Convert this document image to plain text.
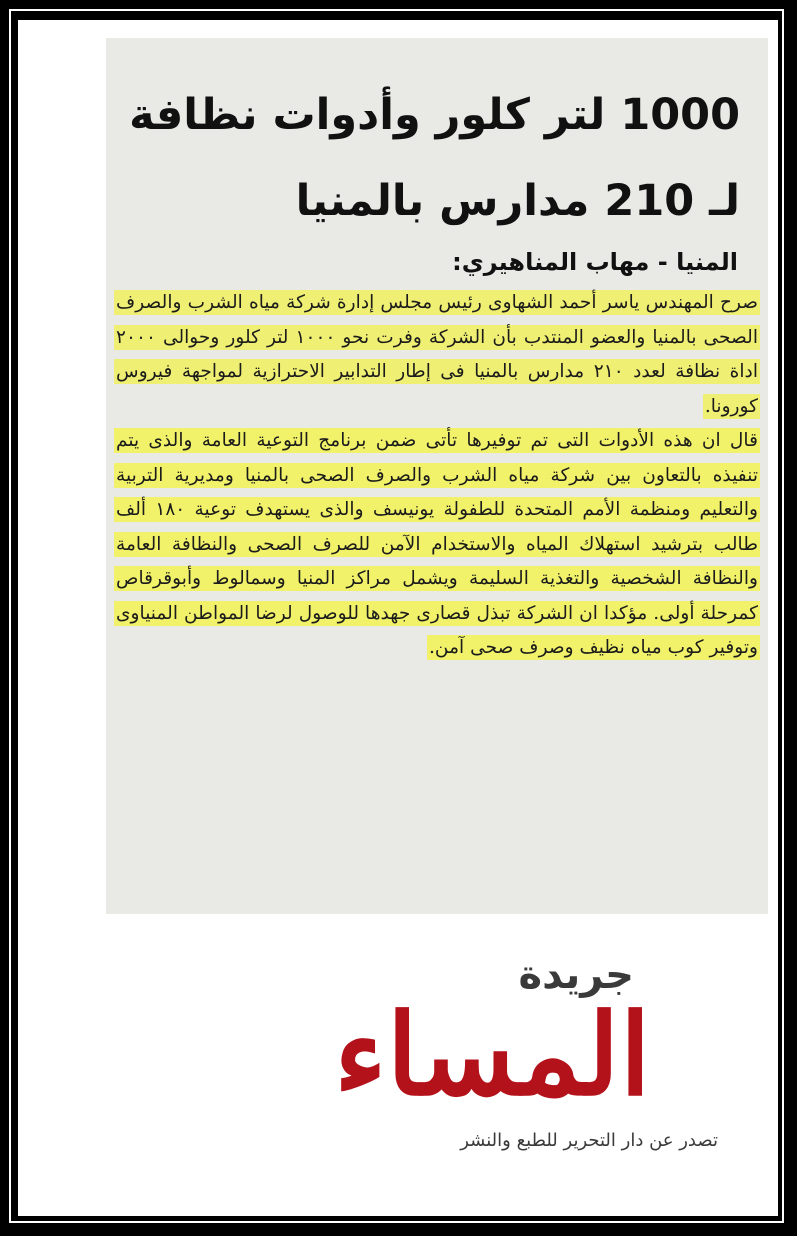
1000 لتر كلور وأدوات نظافة
لـ 210 مدارس بالمنيا
المنيا - مهاب المناهيري:

صرح المهندس ياسر أحمد الشهاوى رئيس مجلس إدارة شركة مياه الشرب والصرف الصحى بالمنيا والعضو المنتدب بأن الشركة وفرت نحو ١٠٠٠ لتر كلور وحوالى ٢٠٠٠ اداة نظافة لعدد ٢١٠ مدارس بالمنيا فى إطار التدابير الاحترازية لمواجهة فيروس كورونا.

قال ان هذه الأدوات التى تم توفيرها تأتى ضمن برنامج التوعية العامة والذى يتم تنفيذه بالتعاون بين شركة مياه الشرب والصرف الصحى بالمنيا ومديرية التربية والتعليم ومنظمة الأمم المتحدة للطفولة يونيسف والذى يستهدف توعية ١٨٠ ألف طالب بترشيد استهلاك المياه والاستخدام الآمن للصرف الصحى والنظافة العامة والنظافة الشخصية والتغذية السليمة ويشمل مراكز المنيا وسمالوط وأبوقرقاص كمرحلة أولى. مؤكدا ان الشركة تبذل قصارى جهدها للوصول لرضا المواطن المنياوى وتوفير كوب مياه نظيف وصرف صحى آمن.

جريدة
المساء
تصدر عن دار التحرير للطبع والنشر
